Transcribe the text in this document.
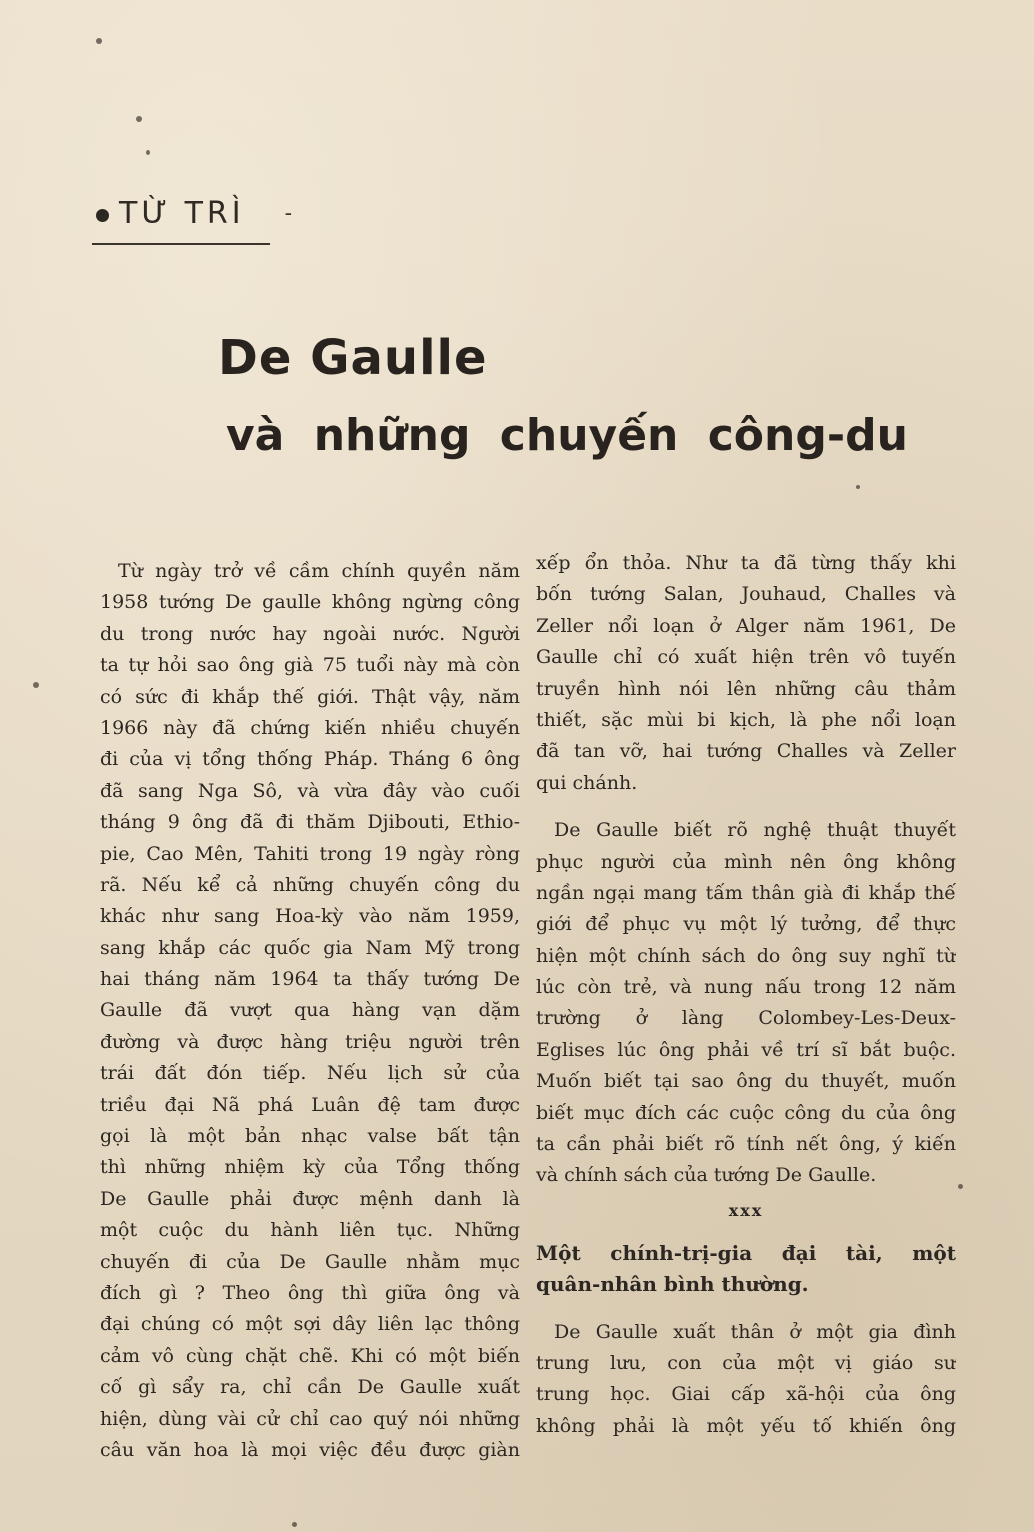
TỪ TRÌ -
De Gaulle
và những chuyến công-du
Từ ngày trở về cầm chính quyền năm
1958 tướng De gaulle không ngừng công
du trong nước hay ngoài nước. Người
ta tự hỏi sao ông già 75 tuổi này mà còn
có sức đi khắp thế giới. Thật vậy, năm
1966 này đã chứng kiến nhiều chuyến
đi của vị tổng thống Pháp. Tháng 6 ông
đã sang Nga Sô, và vừa đây vào cuối
tháng 9 ông đã đi thăm Djibouti, Ethio-
pie, Cao Mên, Tahiti trong 19 ngày ròng
rã. Nếu kể cả những chuyến công du
khác như sang Hoa-kỳ vào năm 1959,
sang khắp các quốc gia Nam Mỹ trong
hai tháng năm 1964 ta thấy tướng De
Gaulle đã vượt qua hàng vạn dặm
đường và được hàng triệu người trên
trái đất đón tiếp. Nếu lịch sử của
triều đại Nã phá Luân đệ tam được
gọi là một bản nhạc valse bất tận
thì những nhiệm kỳ của Tổng thống
De Gaulle phải được mệnh danh là
một cuộc du hành liên tục. Những
chuyến đi của De Gaulle nhằm mục
đích gì ? Theo ông thì giữa ông và
đại chúng có một sợi dây liên lạc thông
cảm vô cùng chặt chẽ. Khi có một biến
cố gì sẩy ra, chỉ cần De Gaulle xuất
hiện, dùng vài cử chỉ cao quý nói những
câu văn hoa là mọi việc đều được giàn
xếp ổn thỏa. Như ta đã từng thấy khi
bốn tướng Salan, Jouhaud, Challes và
Zeller nổi loạn ở Alger năm 1961, De
Gaulle chỉ có xuất hiện trên vô tuyến
truyền hình nói lên những câu thảm
thiết, sặc mùi bi kịch, là phe nổi loạn
đã tan vỡ, hai tướng Challes và Zeller
qui chánh.
De Gaulle biết rõ nghệ thuật thuyết
phục người của mình nên ông không
ngần ngại mang tấm thân già đi khắp thế
giới để phục vụ một lý tưởng, để thực
hiện một chính sách do ông suy nghĩ từ
lúc còn trẻ, và nung nấu trong 12 năm
trường ở làng Colombey-Les-Deux-
Eglises lúc ông phải về trí sĩ bắt buộc.
Muốn biết tại sao ông du thuyết, muốn
biết mục đích các cuộc công du của ông
ta cần phải biết rõ tính nết ông, ý kiến
và chính sách của tướng De Gaulle.
xxx
Một chính-trị-gia đại tài, một
quân-nhân bình thường.
De Gaulle xuất thân ở một gia đình
trung lưu, con của một vị giáo sư
trung học. Giai cấp xã-hội của ông
không phải là một yếu tố khiến ông
